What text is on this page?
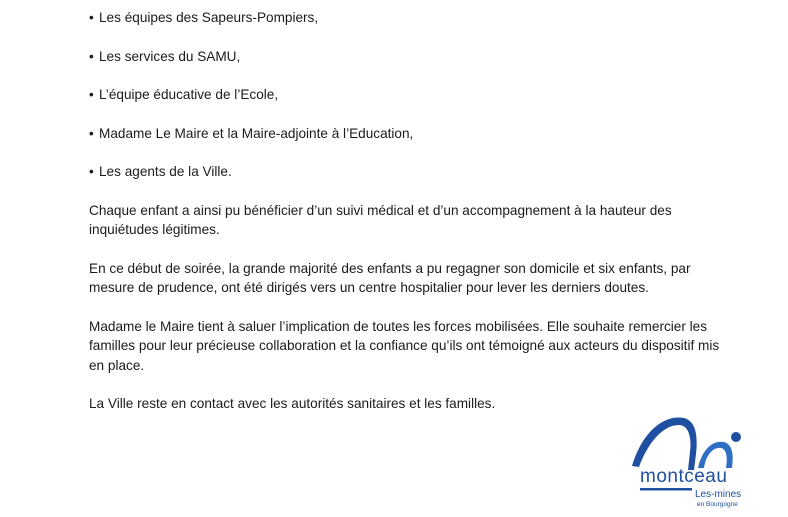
• Les équipes des Sapeurs-Pompiers,
• Les services du SAMU,
• L’équipe éducative de l’Ecole,
• Madame Le Maire et la Maire-adjointe à l’Education,
• Les agents de la Ville.

Chaque enfant a ainsi pu bénéficier d’un suivi médical et d’un accompagnement à la hauteur des inquiétudes légitimes.

En ce début de soirée, la grande majorité des enfants a pu regagner son domicile et six enfants, par mesure de prudence, ont été dirigés vers un centre hospitalier pour lever les derniers doutes.

Madame le Maire tient à saluer l’implication de toutes les forces mobilisées. Elle souhaite remercier les familles pour leur précieuse collaboration et la confiance qu’ils ont témoigné aux acteurs du dispositif mis en place.

La Ville reste en contact avec les autorités sanitaires et les familles.

montceau
Les-mines
en Bourgogne
